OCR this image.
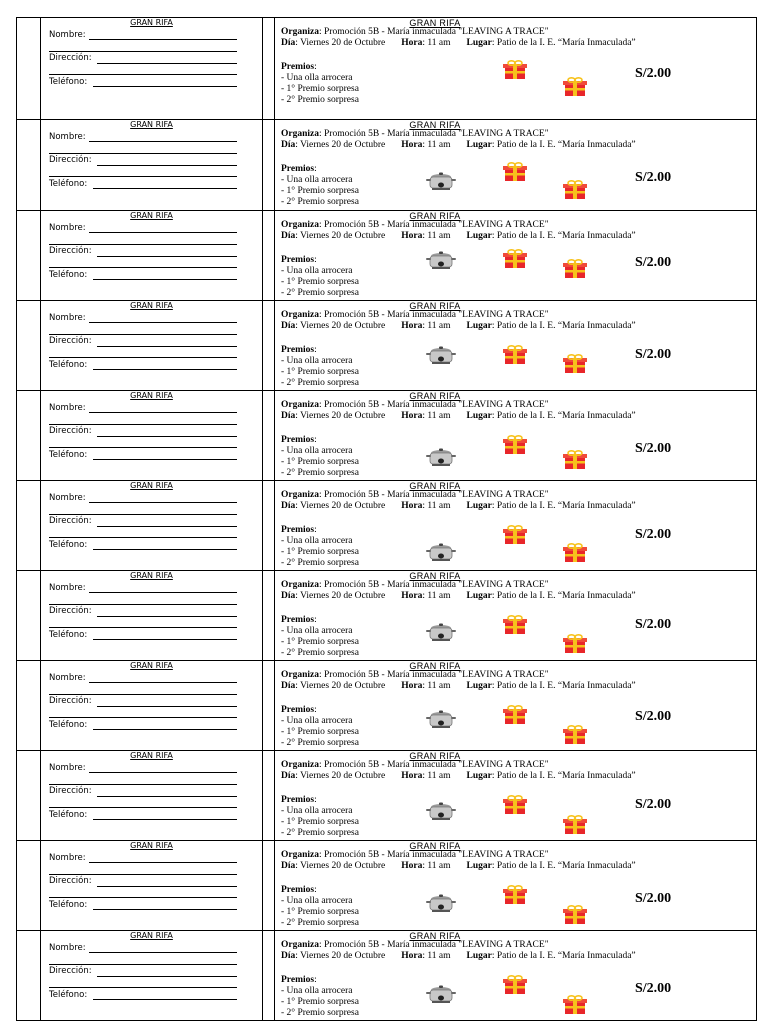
GRAN RIFA
Nombre:
Dirección:
Teléfono:
GRAN RIFA
Organiza: Promoción 5B - María inmaculada "LEAVING A TRACE"
Día: Viernes 20 de Octubre Hora: 11 am Lugar: Patio de la I. E. “María Inmaculada”
Premios:
- Una olla arrocera
- 1° Premio sorpresa
- 2° Premio sorpresa
S/2.00
GRAN RIFA
Nombre:
Dirección:
Teléfono:
GRAN RIFA
Organiza: Promoción 5B - María inmaculada "LEAVING A TRACE"
Día: Viernes 20 de Octubre Hora: 11 am Lugar: Patio de la I. E. “María Inmaculada”
Premios:
- Una olla arrocera
- 1° Premio sorpresa
- 2° Premio sorpresa
S/2.00
GRAN RIFA
Nombre:
Dirección:
Teléfono:
GRAN RIFA
Organiza: Promoción 5B - María inmaculada "LEAVING A TRACE"
Día: Viernes 20 de Octubre Hora: 11 am Lugar: Patio de la I. E. “María Inmaculada”
Premios:
- Una olla arrocera
- 1° Premio sorpresa
- 2° Premio sorpresa
S/2.00
GRAN RIFA
Nombre:
Dirección:
Teléfono:
GRAN RIFA
Organiza: Promoción 5B - María inmaculada "LEAVING A TRACE"
Día: Viernes 20 de Octubre Hora: 11 am Lugar: Patio de la I. E. “María Inmaculada”
Premios:
- Una olla arrocera
- 1° Premio sorpresa
- 2° Premio sorpresa
S/2.00
GRAN RIFA
Nombre:
Dirección:
Teléfono:
GRAN RIFA
Organiza: Promoción 5B - María inmaculada "LEAVING A TRACE"
Día: Viernes 20 de Octubre Hora: 11 am Lugar: Patio de la I. E. “María Inmaculada”
Premios:
- Una olla arrocera
- 1° Premio sorpresa
- 2° Premio sorpresa
S/2.00
GRAN RIFA
Nombre:
Dirección:
Teléfono:
GRAN RIFA
Organiza: Promoción 5B - María inmaculada "LEAVING A TRACE"
Día: Viernes 20 de Octubre Hora: 11 am Lugar: Patio de la I. E. “María Inmaculada”
Premios:
- Una olla arrocera
- 1° Premio sorpresa
- 2° Premio sorpresa
S/2.00
GRAN RIFA
Nombre:
Dirección:
Teléfono:
GRAN RIFA
Organiza: Promoción 5B - María inmaculada "LEAVING A TRACE"
Día: Viernes 20 de Octubre Hora: 11 am Lugar: Patio de la I. E. “María Inmaculada”
Premios:
- Una olla arrocera
- 1° Premio sorpresa
- 2° Premio sorpresa
S/2.00
GRAN RIFA
Nombre:
Dirección:
Teléfono:
GRAN RIFA
Organiza: Promoción 5B - María inmaculada "LEAVING A TRACE"
Día: Viernes 20 de Octubre Hora: 11 am Lugar: Patio de la I. E. “María Inmaculada”
Premios:
- Una olla arrocera
- 1° Premio sorpresa
- 2° Premio sorpresa
S/2.00
GRAN RIFA
Nombre:
Dirección:
Teléfono:
GRAN RIFA
Organiza: Promoción 5B - María inmaculada "LEAVING A TRACE"
Día: Viernes 20 de Octubre Hora: 11 am Lugar: Patio de la I. E. “María Inmaculada”
Premios:
- Una olla arrocera
- 1° Premio sorpresa
- 2° Premio sorpresa
S/2.00
GRAN RIFA
Nombre:
Dirección:
Teléfono:
GRAN RIFA
Organiza: Promoción 5B - María inmaculada "LEAVING A TRACE"
Día: Viernes 20 de Octubre Hora: 11 am Lugar: Patio de la I. E. “María Inmaculada”
Premios:
- Una olla arrocera
- 1° Premio sorpresa
- 2° Premio sorpresa
S/2.00
GRAN RIFA
Nombre:
Dirección:
Teléfono:
GRAN RIFA
Organiza: Promoción 5B - María inmaculada "LEAVING A TRACE"
Día: Viernes 20 de Octubre Hora: 11 am Lugar: Patio de la I. E. “María Inmaculada”
Premios:
- Una olla arrocera
- 1° Premio sorpresa
- 2° Premio sorpresa
S/2.00
